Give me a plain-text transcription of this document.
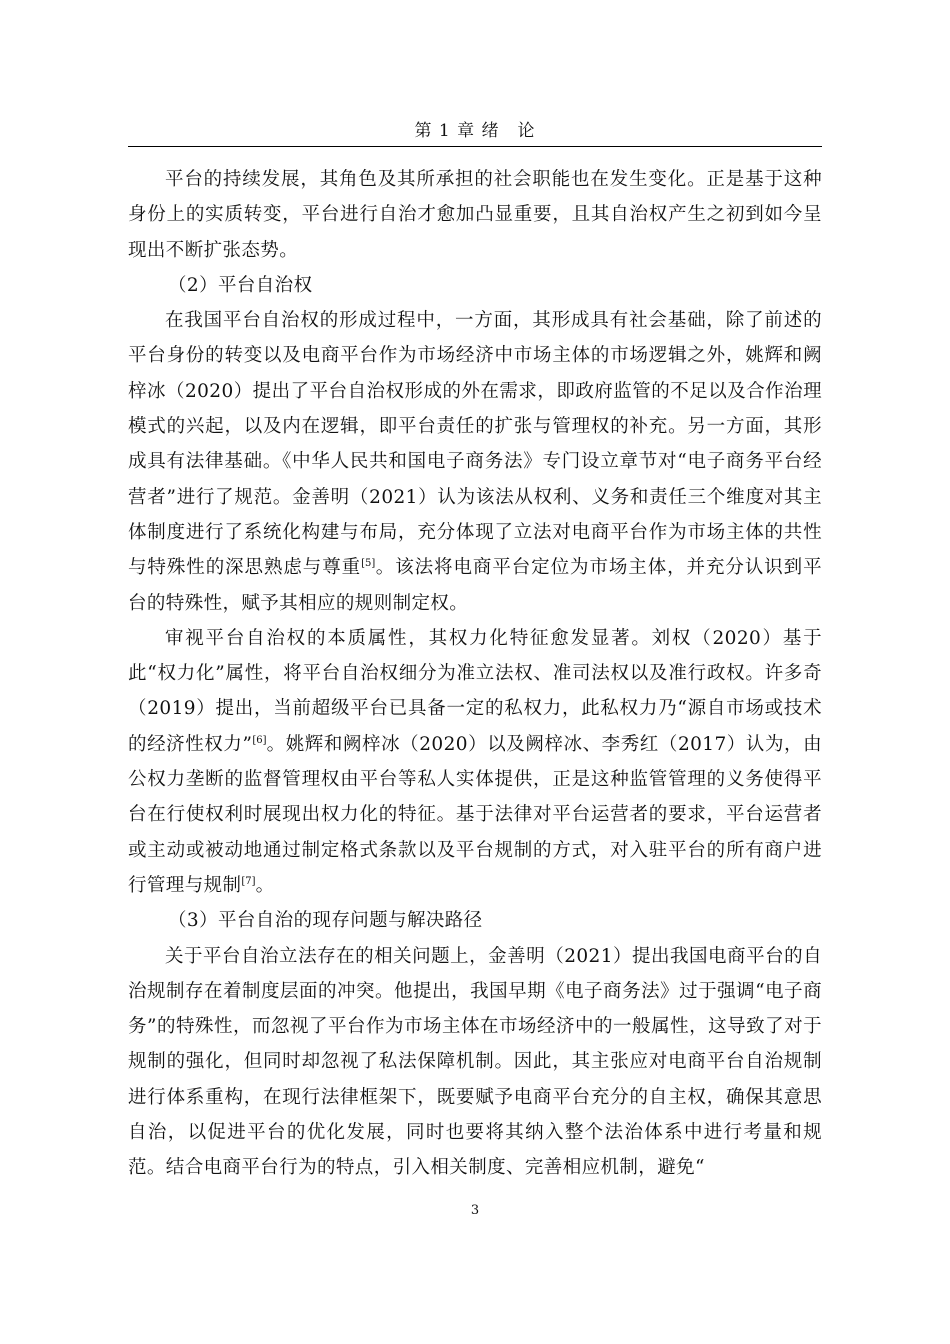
第 1 章 绪　论

平台的持续发展，其角色及其所承担的社会职能也在发生变化。正是基于这种身份上的实质转变，平台进行自治才愈加凸显重要，且其自治权产生之初到如今呈现出不断扩张态势。

（2）平台自治权

在我国平台自治权的形成过程中，一方面，其形成具有社会基础，除了前述的平台身份的转变以及电商平台作为市场经济中市场主体的市场逻辑之外，姚辉和阙梓冰（2020）提出了平台自治权形成的外在需求，即政府监管的不足以及合作治理模式的兴起，以及内在逻辑，即平台责任的扩张与管理权的补充。另一方面，其形成具有法律基础。《中华人民共和国电子商务法》专门设立章节对“电子商务平台经营者”进行了规范。金善明（2021）认为该法从权利、义务和责任三个维度对其主体制度进行了系统化构建与布局，充分体现了立法对电商平台作为市场主体的共性与特殊性的深思熟虑与尊重[5]。该法将电商平台定位为市场主体，并充分认识到平台的特殊性，赋予其相应的规则制定权。

审视平台自治权的本质属性，其权力化特征愈发显著。刘权（2020）基于此“权力化”属性，将平台自治权细分为准立法权、准司法权以及准行政权。许多奇（2019）提出，当前超级平台已具备一定的私权力，此私权力乃“源自市场或技术的经济性权力”[6]。姚辉和阙梓冰（2020）以及阙梓冰、李秀红（2017）认为，由公权力垄断的监督管理权由平台等私人实体提供，正是这种监管管理的义务使得平台在行使权利时展现出权力化的特征。基于法律对平台运营者的要求，平台运营者或主动或被动地通过制定格式条款以及平台规制的方式，对入驻平台的所有商户进行管理与规制[7]。

（3）平台自治的现存问题与解决路径

关于平台自治立法存在的相关问题上，金善明（2021）提出我国电商平台的自治规制存在着制度层面的冲突。他提出，我国早期《电子商务法》过于强调“电子商务”的特殊性，而忽视了平台作为市场主体在市场经济中的一般属性，这导致了对于规制的强化，但同时却忽视了私法保障机制。因此，其主张应对电商平台自治规制进行体系重构，在现行法律框架下，既要赋予电商平台充分的自主权，确保其意思自治，以促进平台的优化发展，同时也要将其纳入整个法治体系中进行考量和规范。结合电商平台行为的特点，引入相关制度、完善相应机制，避免“

3
